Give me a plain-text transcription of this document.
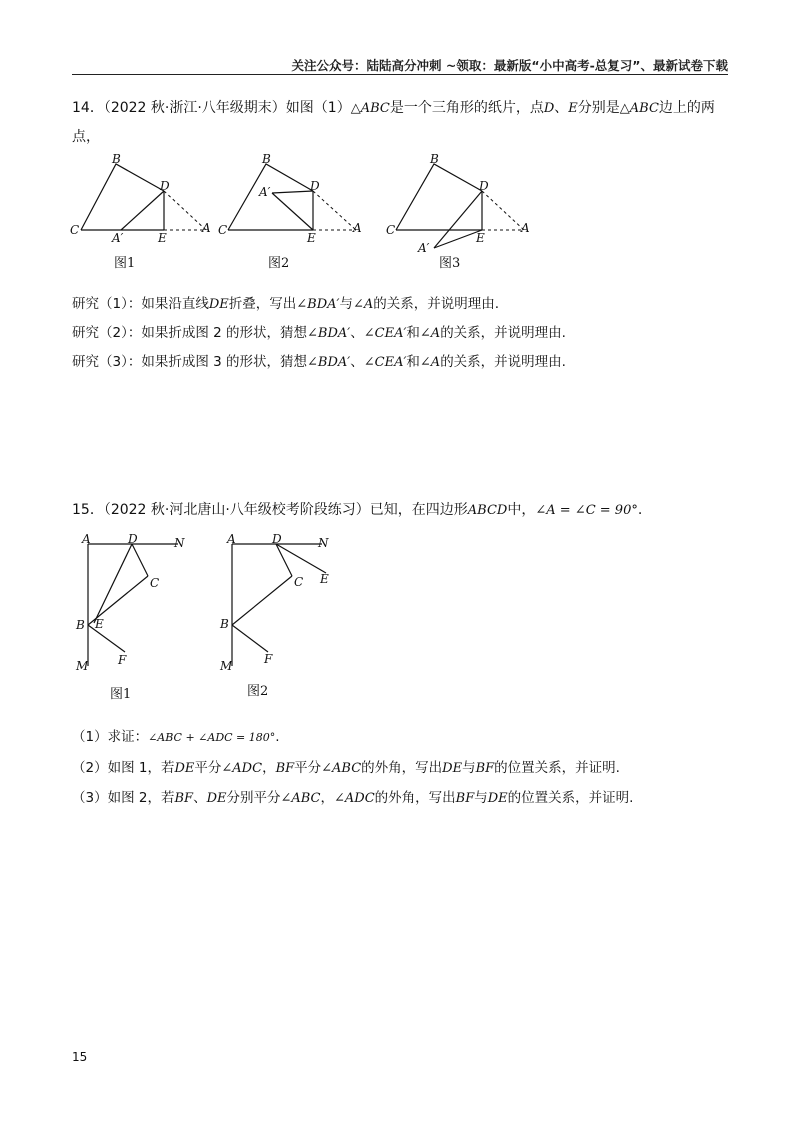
关注公众号：陆陆高分冲刺 ~领取：最新版“小中高考-总复习”、最新试卷下载
14．（2022 秋·浙江·八年级期末）如图（1）△ABC是一个三角形的纸片，点D、E分别是△ABC边上的两
点，
B
C
D
E
A
A′
图1
B
C
D
E
A
A′
图2
B
C
D
E
A
A′
图3
研究（1）：如果沿直线DE折叠，写出∠BDA′与∠A的关系，并说明理由.
研究（2）：如果折成图 2 的形状，猜想∠BDA′、∠CEA′和∠A的关系，并说明理由.
研究（3）：如果折成图 3 的形状，猜想∠BDA′、∠CEA′和∠A的关系，并说明理由.
15．（2022 秋·河北唐山·八年级校考阶段练习）已知，在四边形ABCD中，∠A = ∠C = 90°.
A	D	N
C
B E
M F
图1
A	D	N
C E
B
M	F
图2
（1）求证：∠ABC + ∠ADC = 180°.
（2）如图 1，若DE平分∠ADC，BF平分∠ABC的外角，写出DE与BF的位置关系，并证明.
（3）如图 2，若BF、DE分别平分∠ABC，∠ADC的外角，写出BF与DE的位置关系，并证明.
15
